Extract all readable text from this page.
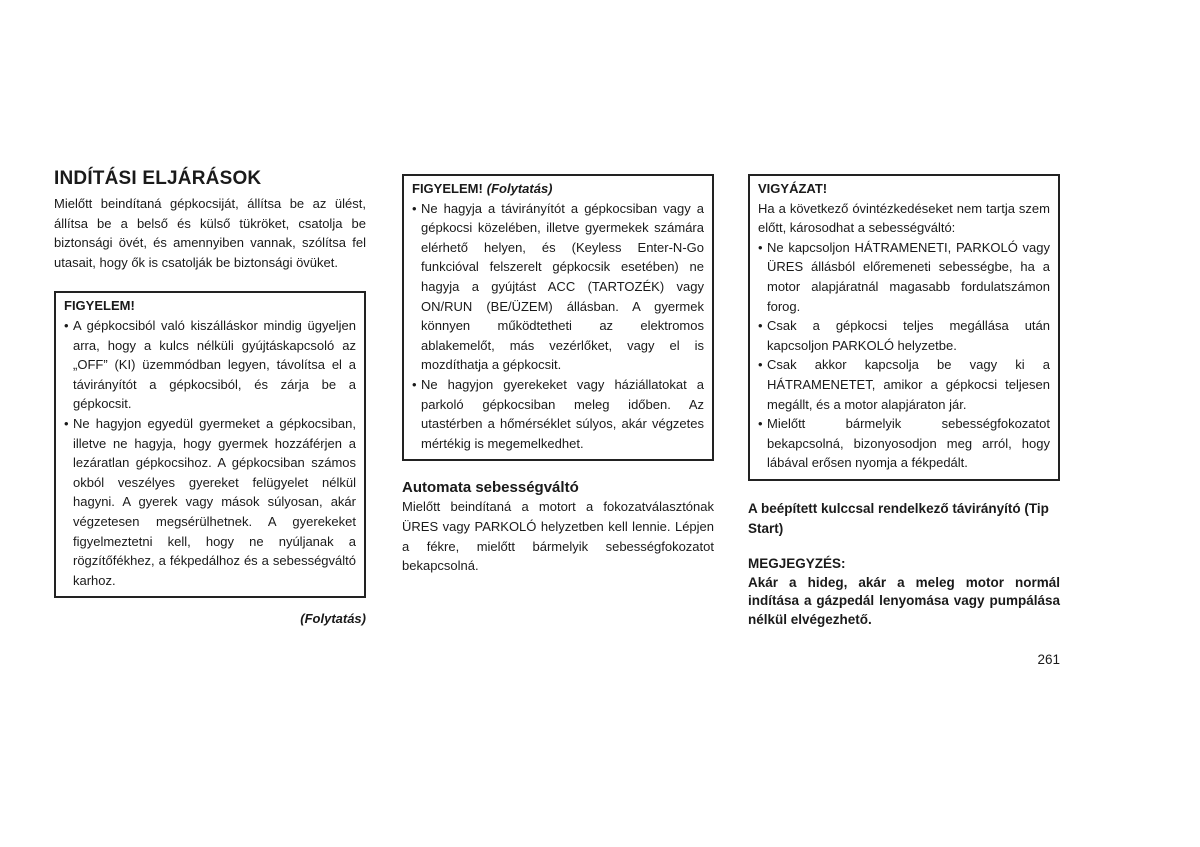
INDÍTÁSI ELJÁRÁSOK

Mielőtt beindítaná gépkocsiját, állítsa be az ülést, állítsa be a belső és külső tükröket, csatolja be biztonsági övét, és amennyiben vannak, szólítsa fel utasait, hogy ők is csatolják be biztonsági övüket.

FIGYELEM!
• A gépkocsiból való kiszálláskor mindig ügyeljen arra, hogy a kulcs nélküli gyújtáskapcsoló az „OFF” (KI) üzemmódban legyen, távolítsa el a távirányítót a gépkocsiból, és zárja be a gépkocsit.
• Ne hagyjon egyedül gyermeket a gépkocsiban, illetve ne hagyja, hogy gyermek hozzáférjen a lezáratlan gépkocsihoz. A gépkocsiban számos okból veszélyes gyereket felügyelet nélkül hagyni. A gyerek vagy mások súlyosan, akár végzetesen megsérülhetnek. A gyerekeket figyelmeztetni kell, hogy ne nyúljanak a rögzítőfékhez, a fékpedálhoz és a sebességváltó karhoz.
(Folytatás)
FIGYELEM! (Folytatás)
• Ne hagyja a távirányítót a gépkocsiban vagy a gépkocsi közelében, illetve gyermekek számára elérhető helyen, és (Keyless Enter-N-Go funkcióval felszerelt gépkocsik esetében) ne hagyja a gyújtást ACC (TARTOZÉK) vagy ON/RUN (BE/ÜZEM) állásban. A gyermek könnyen működtetheti az elektromos ablakemelőt, más vezérlőket, vagy el is mozdíthatja a gépkocsit.
• Ne hagyjon gyerekeket vagy háziállatokat a parkoló gépkocsiban meleg időben. Az utastérben a hőmérséklet súlyos, akár végzetes mértékig is megemelkedhet.
Automata sebességváltó

Mielőtt beindítaná a motort a fokozatválasztónak ÜRES vagy PARKOLÓ helyzetben kell lennie. Lépjen a fékre, mielőtt bármelyik sebességfokozatot bekapcsolná.

VIGYÁZAT!

Ha a következő óvintézkedéseket nem tartja szem előtt, károsodhat a sebességváltó:

• Ne kapcsoljon HÁTRAMENETI, PARKOLÓ vagy ÜRES állásból előremeneti sebességbe, ha a motor alapjáratnál magasabb fordulatszámon forog.
• Csak a gépkocsi teljes megállása után kapcsoljon PARKOLÓ helyzetbe.
• Csak akkor kapcsolja be vagy ki a HÁTRAMENETET, amikor a gépkocsi teljesen megállt, és a motor alapjáraton jár.
• Mielőtt bármelyik sebességfokozatot bekapcsolná, bizonyosodjon meg arról, hogy lábával erősen nyomja a fékpedált.

A beépített kulccsal rendelkező távirányító (Tip Start)

MEGJEGYZÉS:

Akár a hideg, akár a meleg motor normál indítása a gázpedál lenyomása vagy pumpálása nélkül elvégezhető.

261
